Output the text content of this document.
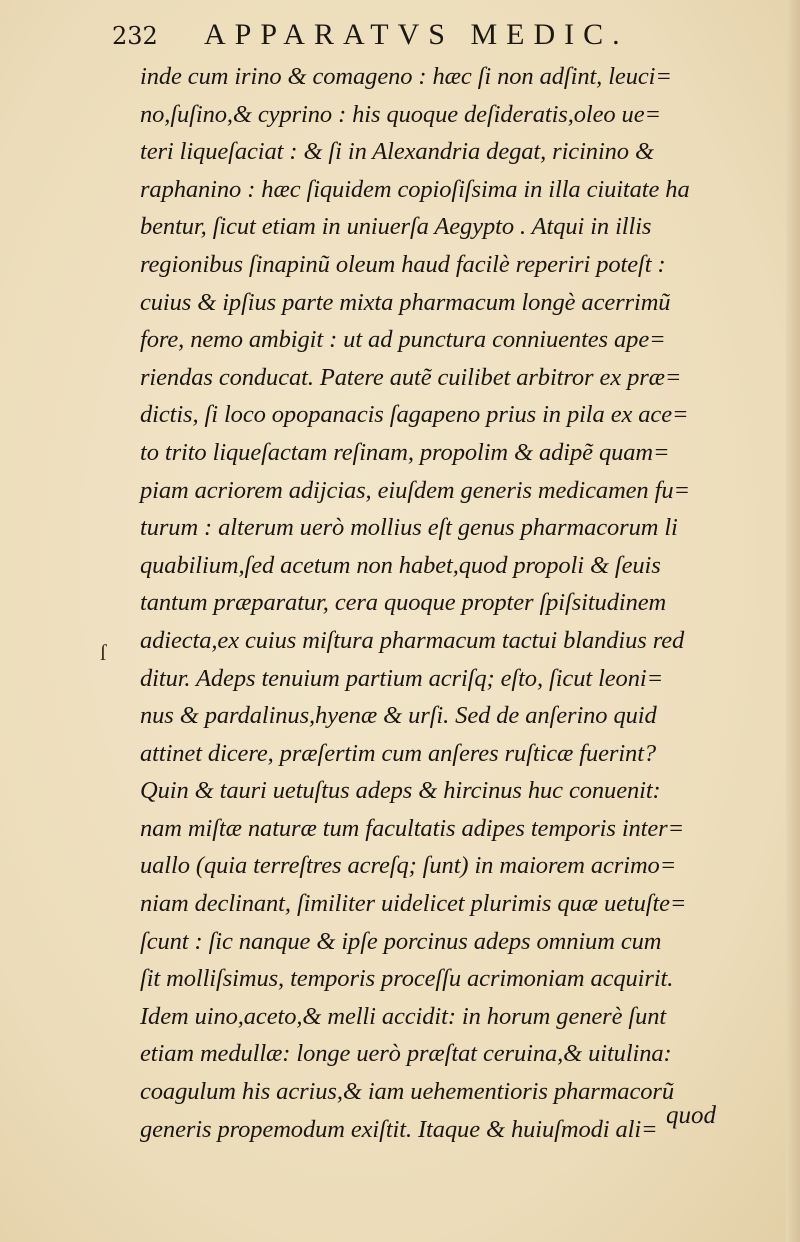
232 APPARATVS MEDIC.
inde cum irino & comageno : hæc ſi non adſint, leuci=no,ſuſino,& cyprino : his quoque deſideratis,oleo ue=teri liqueſaciat : & ſi in Alexandria degat, ricinino &raphanino : hæc ſiquidem copioſiſsima in illa ciuitate habentur, ſicut etiam in uniuerſa Aegypto . Atqui in illisregionibus ſinapinũ oleum haud facilè reperiri poteſt :cuius & ipſius parte mixta pharmacum longè acerrimũfore, nemo ambigit : ut ad punctura conniuentes ape=riendas conducat. Patere autẽ cuilibet arbitror ex præ=dictis, ſi loco opopanacis ſagapeno prius in pila ex ace=to trito liqueſactam reſinam, propolim & adipẽ quam=piam acriorem adijcias, eiuſdem generis medicamen fu=turum : alterum uerò mollius eſt genus pharmacorum liquabilium,ſed acetum non habet,quod propoli & ſeuistantum præparatur, cera quoque propter ſpiſsitudinemadiecta,ex cuius miſtura pharmacum tactui blandius redditur. Adeps tenuium partium acriſq; eſto, ſicut leoni=nus & pardalinus,hyenæ & urſi. Sed de anſerino quidattinet dicere, præſertim cum anſeres ruſticæ fuerint?Quin & tauri uetuſtus adeps & hircinus huc conuenit:nam miſtæ naturæ tum facultatis adipes temporis inter=uallo (quia terreſtres acreſq; ſunt) in maiorem acrimo=niam declinant, ſimiliter uidelicet plurimis quæ uetuſte=ſcunt : ſic nanque & ipſe porcinus adeps omnium cumſit molliſsimus, temporis proceſſu acrimoniam acquirit.Idem uino,aceto,& melli accidit: in horum generè ſuntetiam medullæ: longe uerò præſtat ceruina,& uitulina:coagulum his acrius,& iam uehementioris pharmacorũgeneris propemodum exiſtit. Itaque & huiuſmodi ali=
ſ
quod
